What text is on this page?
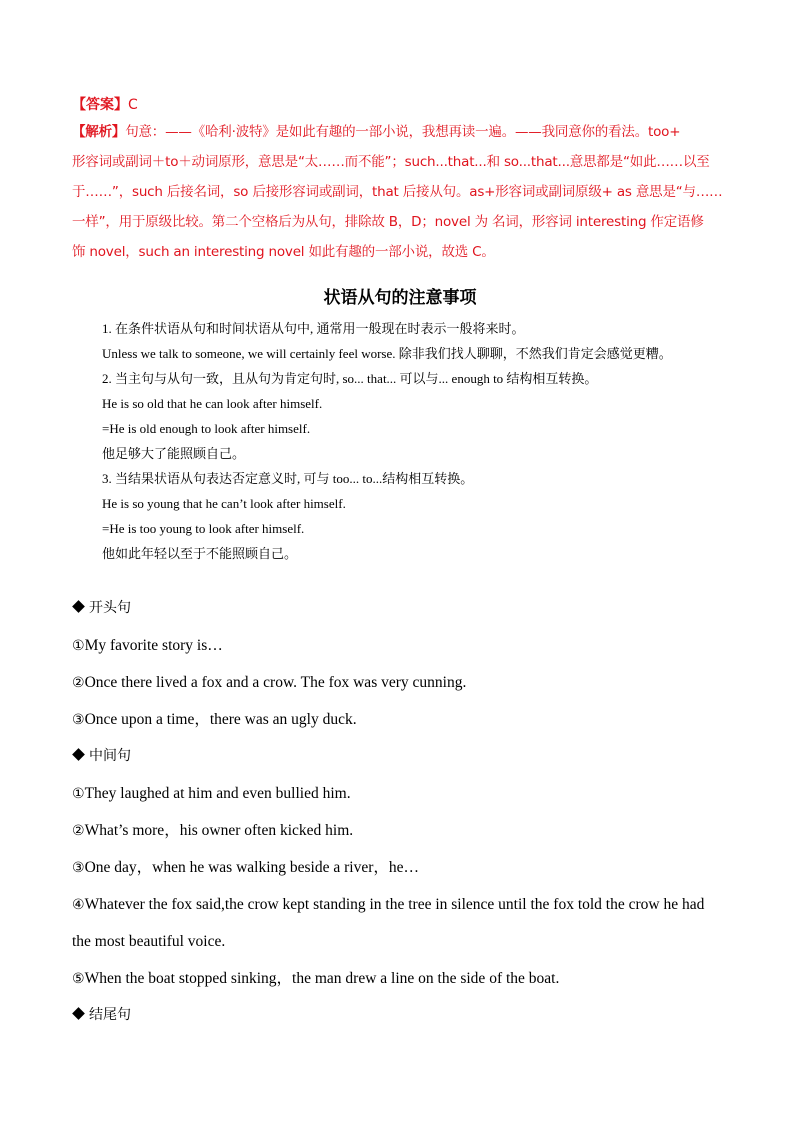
【答案】C
【解析】句意：——《哈利·波特》是如此有趣的一部小说，我想再读一遍。——我同意你的看法。too+
形容词或副词＋to＋动词原形，意思是“太……而不能”；such...that...和 so...that...意思都是“如此……以至
于……”，such 后接名词，so 后接形容词或副词，that 后接从句。as+形容词或副词原级+ as 意思是“与……
一样”，用于原级比较。第二个空格后为从句，排除故 B，D；novel 为 名词，形容词 interesting 作定语修
饰 novel，such an interesting novel 如此有趣的一部小说，故选 C。
状语从句的注意事项
1. 在条件状语从句和时间状语从句中, 通常用一般现在时表示一般将来时。
Unless we talk to someone, we will certainly feel worse. 除非我们找人聊聊，不然我们肯定会感觉更糟。
2. 当主句与从句一致，且从句为肯定句时, so... that... 可以与... enough to 结构相互转换。
He is so old that he can look after himself.
=He is old enough to look after himself.
他足够大了能照顾自己。
3. 当结果状语从句表达否定意义时, 可与 too... to...结构相互转换。
He is so young that he can’t look after himself.
=He is too young to look after himself.
他如此年轻以至于不能照顾自己。
开头句
①My favorite story is…
②Once there lived a fox and a crow. The fox was very cunning.
③Once upon a time，there was an ugly duck.
中间句
①They laughed at him and even bullied him.
②What’s more，his owner often kicked him.
③One day，when he was walking beside a river，he…
④Whatever the fox said,the crow kept standing in the tree in silence until the fox told the crow he had
the most beautiful voice.
⑤When the boat stopped sinking，the man drew a line on the side of the boat.
结尾句
